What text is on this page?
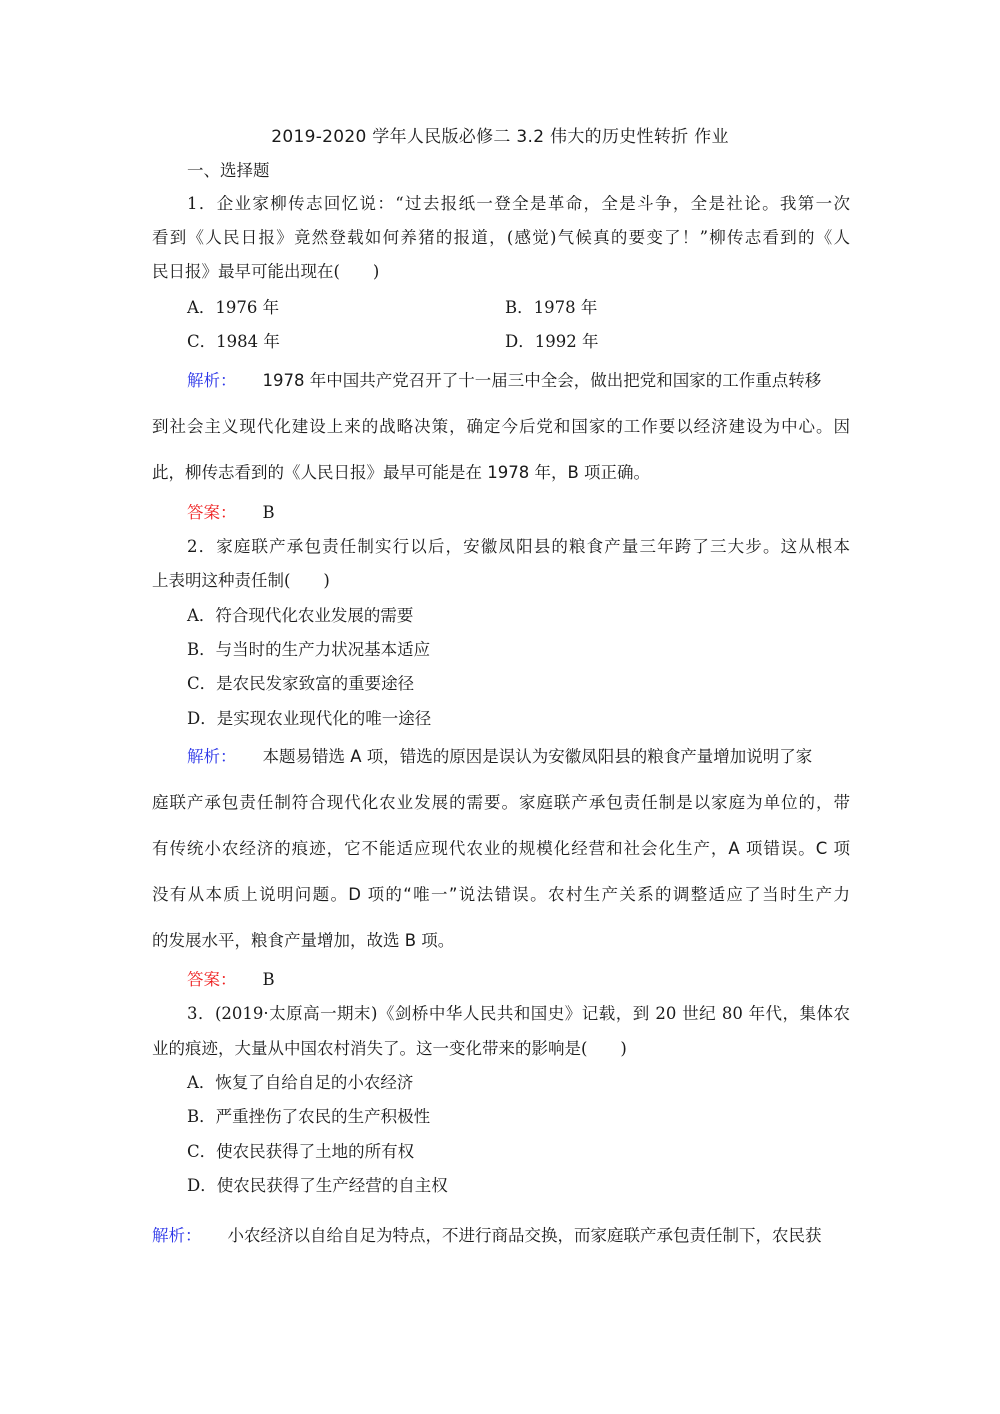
2019-2020 学年人民版必修二 3.2 伟大的历史性转折 作业
一、选择题
1．企业家柳传志回忆说：“过去报纸一登全是革命，全是斗争，全是社论。我第一次
看到《人民日报》竟然登载如何养猪的报道，(感觉)气候真的要变了！”柳传志看到的《人
民日报》最早可能出现在(　　)
A．1976 年	B．1978 年
C．1984 年	D．1992 年
解析： 1978 年中国共产党召开了十一届三中全会，做出把党和国家的工作重点转移
到社会主义现代化建设上来的战略决策，确定今后党和国家的工作要以经济建设为中心。因
此，柳传志看到的《人民日报》最早可能是在 1978 年，B 项正确。
答案： B
2．家庭联产承包责任制实行以后，安徽凤阳县的粮食产量三年跨了三大步。这从根本
上表明这种责任制(　　)
A．符合现代化农业发展的需要
B．与当时的生产力状况基本适应
C．是农民发家致富的重要途径
D．是实现农业现代化的唯一途径
解析： 本题易错选 A 项，错选的原因是误认为安徽凤阳县的粮食产量增加说明了家
庭联产承包责任制符合现代化农业发展的需要。家庭联产承包责任制是以家庭为单位的，带
有传统小农经济的痕迹，它不能适应现代农业的规模化经营和社会化生产，A 项错误。C 项
没有从本质上说明问题。D 项的“唯一”说法错误。农村生产关系的调整适应了当时生产力
的发展水平，粮食产量增加，故选 B 项。
答案： B
3．(2019·太原高一期末)《剑桥中华人民共和国史》记载，到 20 世纪 80 年代，集体农
业的痕迹，大量从中国农村消失了。这一变化带来的影响是(　　)
A．恢复了自给自足的小农经济
B．严重挫伤了农民的生产积极性
C．使农民获得了土地的所有权
D．使农民获得了生产经营的自主权
解析： 小农经济以自给自足为特点，不进行商品交换，而家庭联产承包责任制下，农民获
